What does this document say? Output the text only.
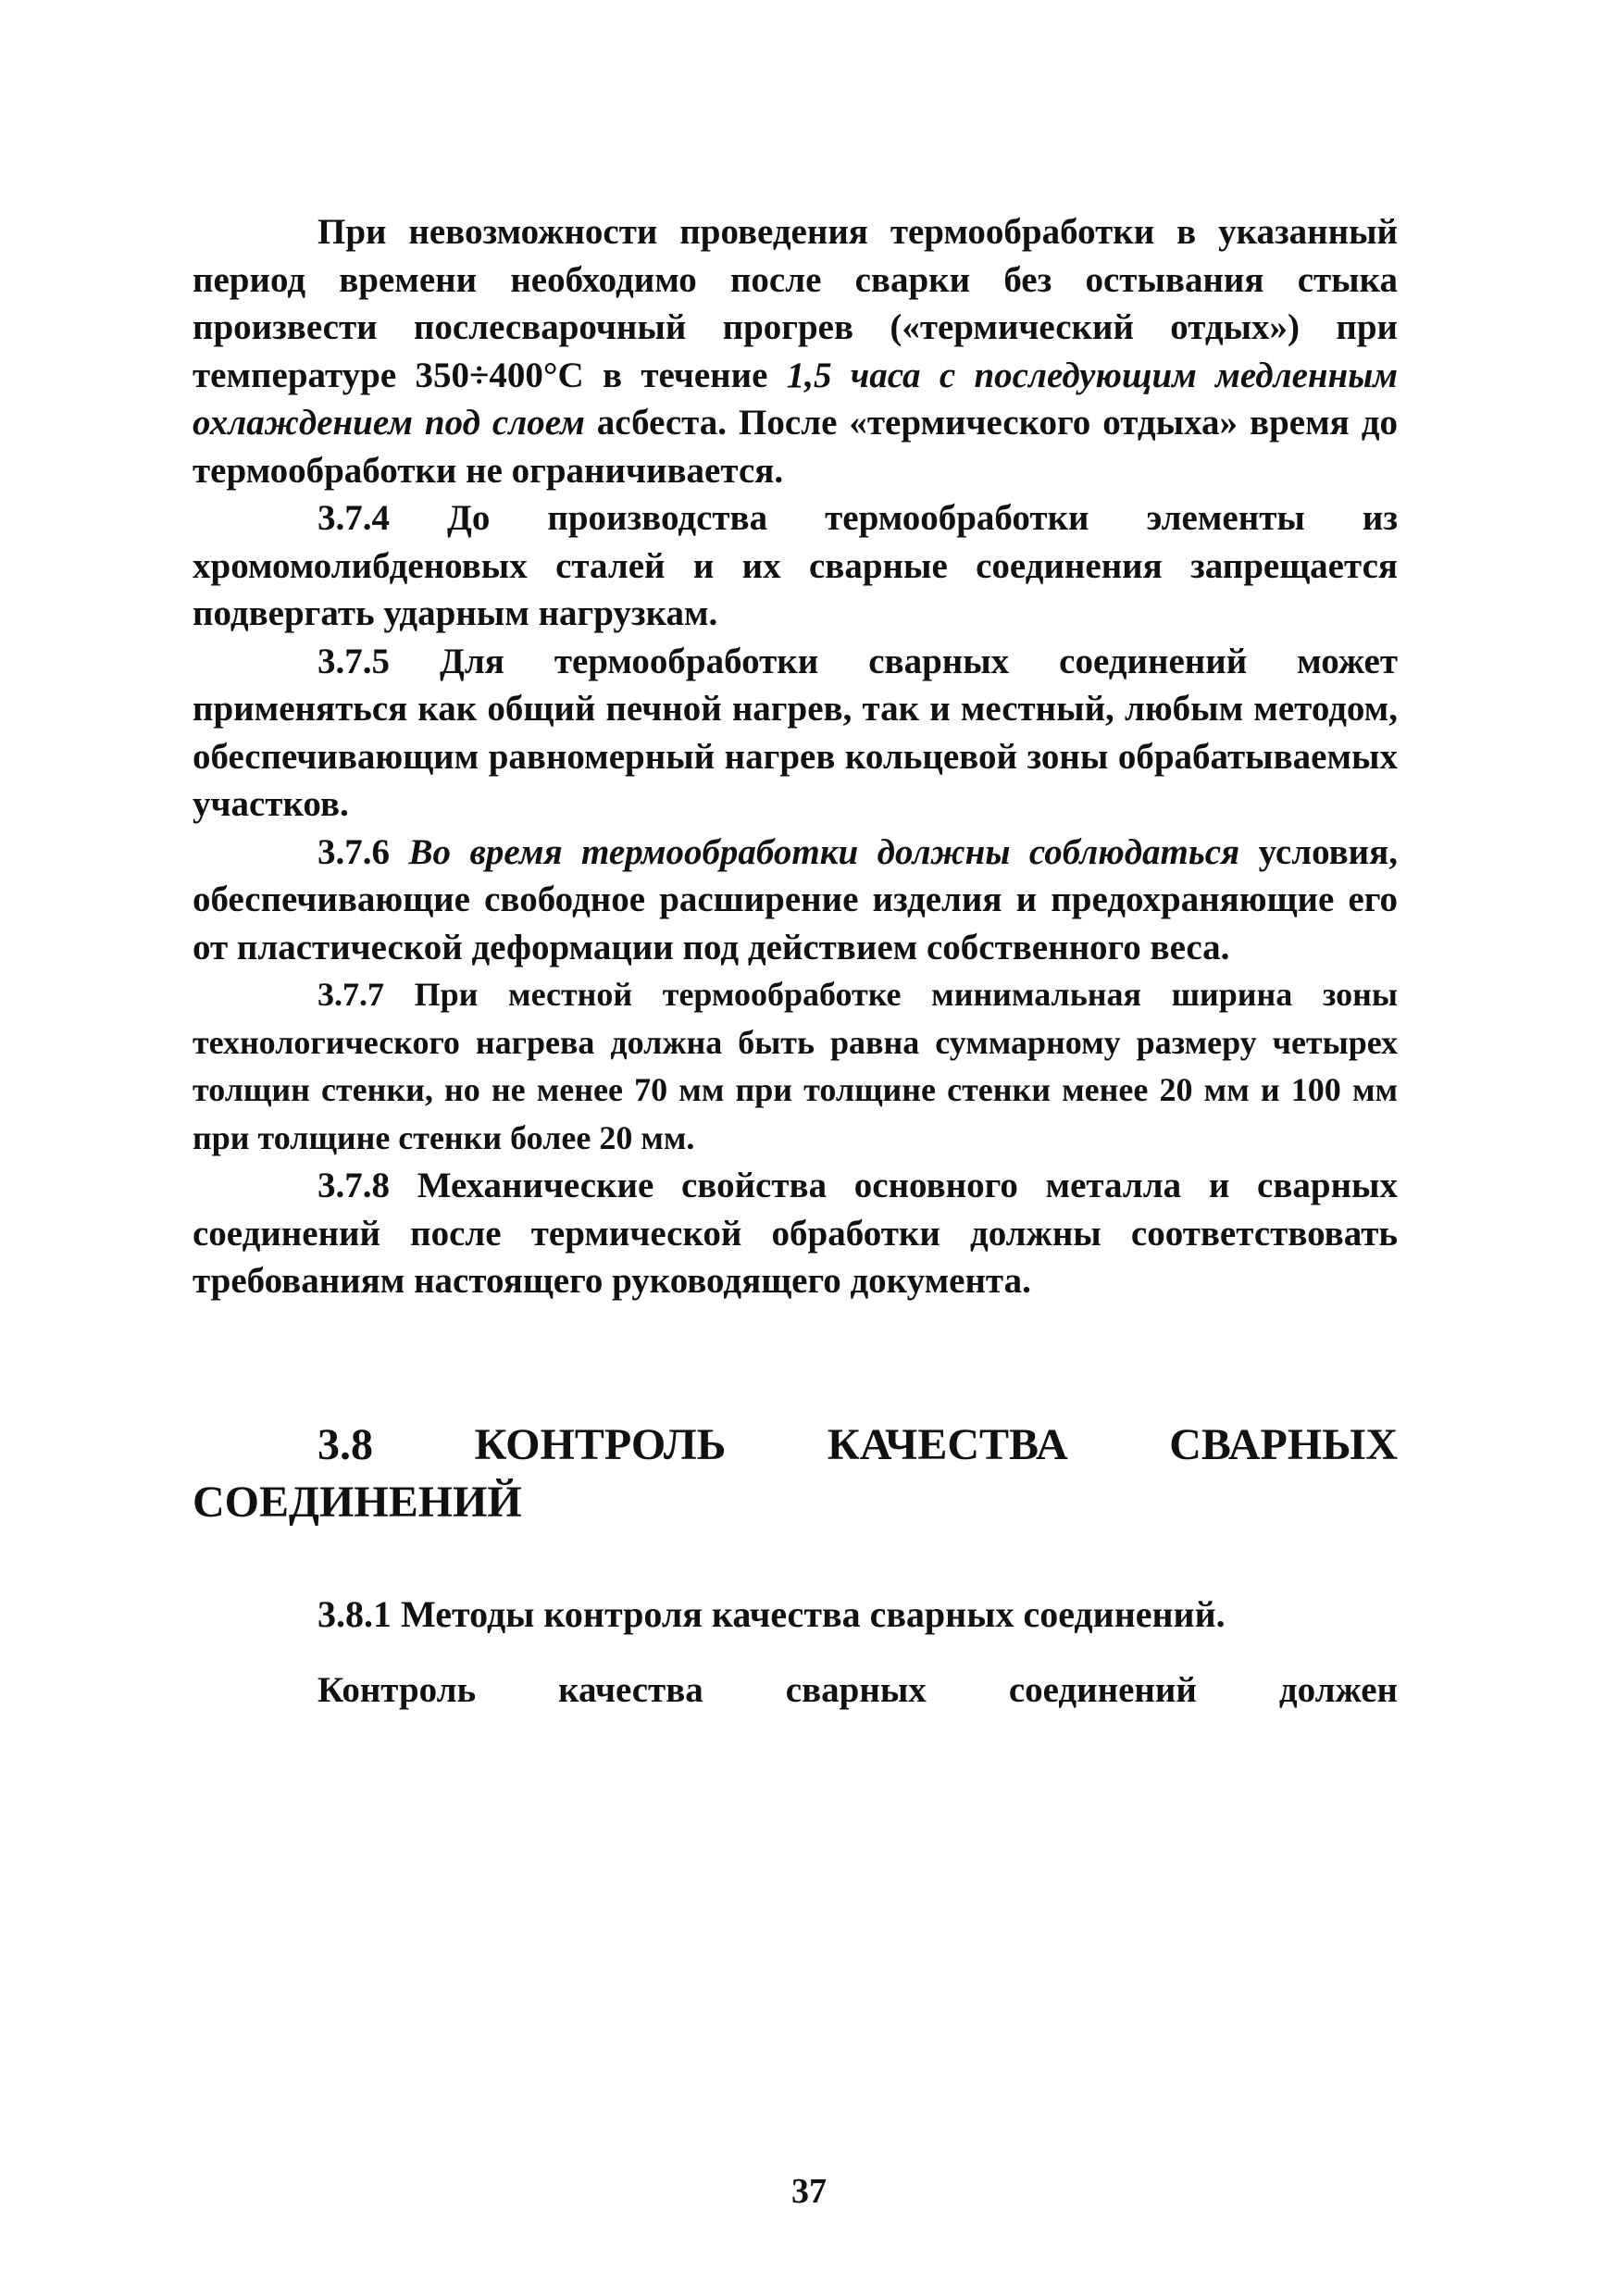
При невозможности проведения термообработки в указанный период времени необходимо после сварки без остывания стыка произвести послесварочный прогрев («термический отдых») при температуре 350÷400°С в течение 1,5 часа с последующим медленным охлаждением под слоем асбеста. После «термического отдыха» время до термообработки не ограничивается.

3.7.4 До производства термообработки элементы из хромомолибденовых сталей и их сварные соединения запрещается подвергать ударным нагрузкам.

3.7.5 Для термообработки сварных соединений может применяться как общий печной нагрев, так и местный, любым методом, обеспечивающим равномерный нагрев кольцевой зоны обрабатываемых участков.

3.7.6 Во время термообработки должны соблюдаться условия, обеспечивающие свободное расширение изделия и предохраняющие его от пластической деформации под действием собственного веса.

3.7.7 При местной термообработке минимальная ширина зоны технологического нагрева должна быть равна суммарному размеру четырех толщин стенки, но не менее 70 мм при толщине стенки менее 20 мм и 100 мм при толщине стенки более 20 мм.

3.7.8 Механические свойства основного металла и сварных соединений после термической обработки должны соответствовать требованиям настоящего руководящего документа.

3.8 КОНТРОЛЬ КАЧЕСТВА СВАРНЫХ СОЕДИНЕНИЙ
3.8.1 Методы контроля качества сварных соединений.

Контроль качества сварных соединений должен

37
